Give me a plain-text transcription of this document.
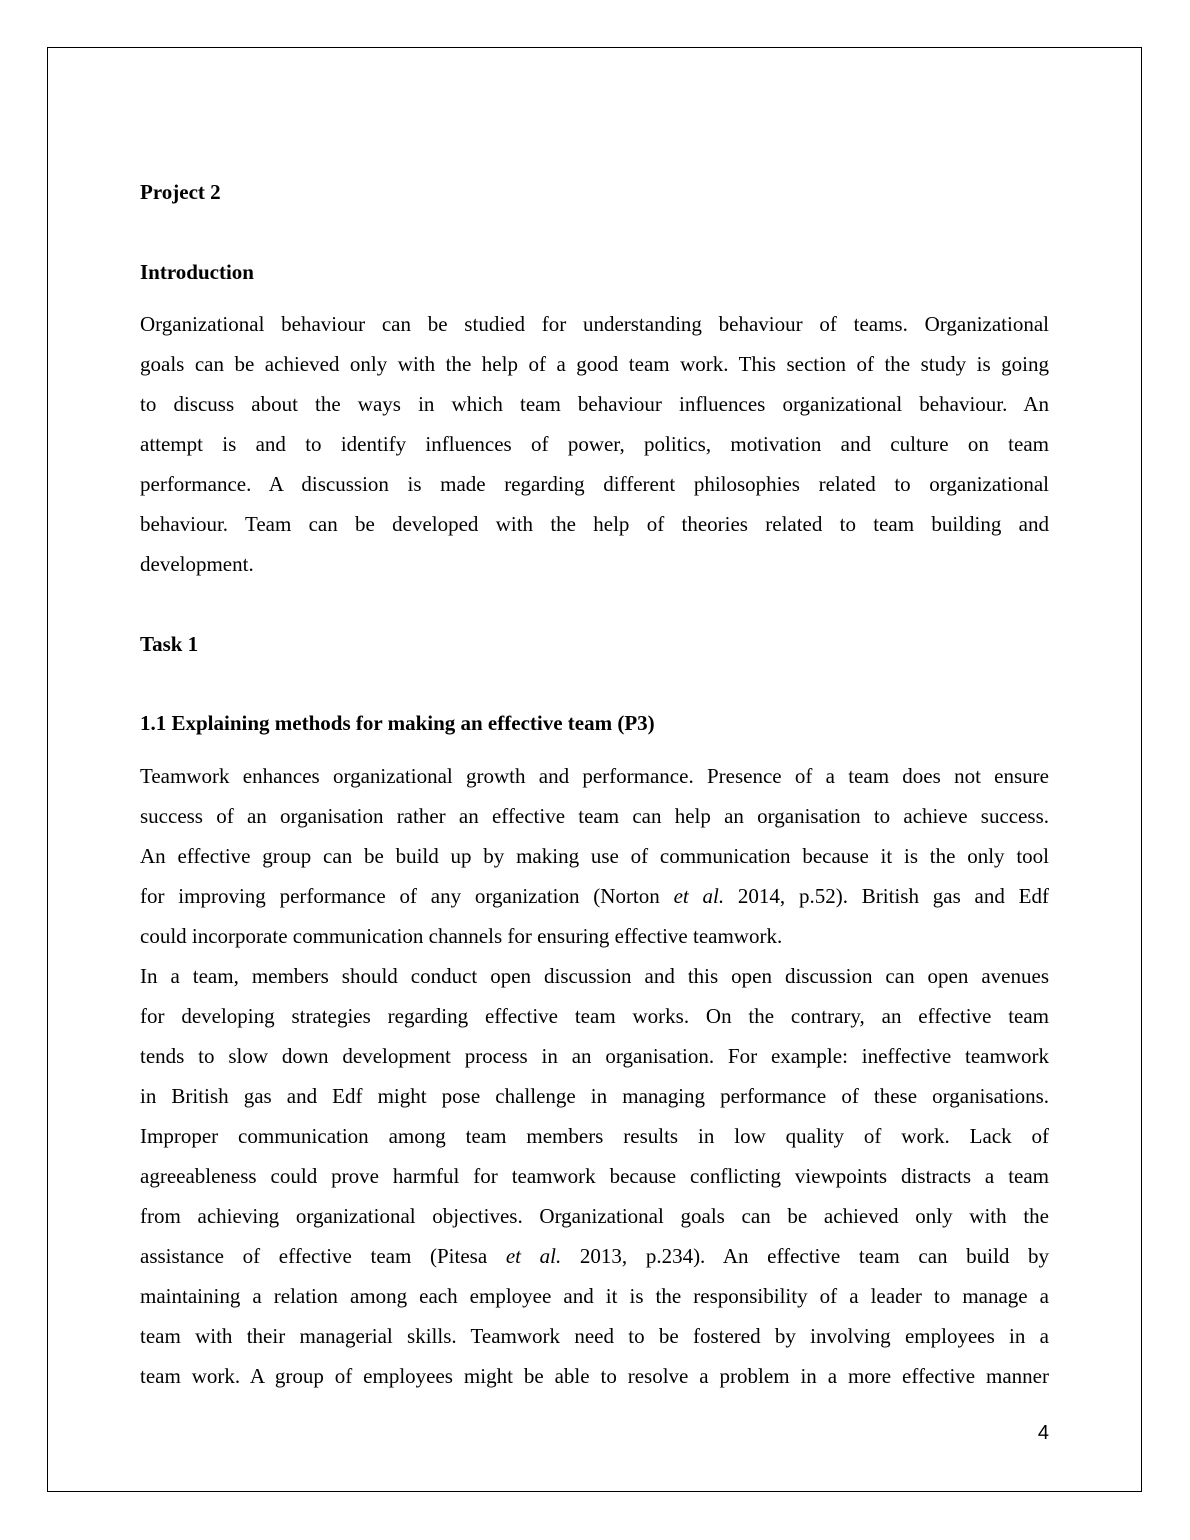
Project 2
Introduction
Organizational behaviour can be studied for understanding behaviour of teams. Organizational
goals can be achieved only with the help of a good team work. This section of the study is going
to discuss about the ways in which team behaviour influences organizational behaviour. An
attempt is and to identify influences of power, politics, motivation and culture on team
performance. A discussion is made regarding different philosophies related to organizational
behaviour. Team can be developed with the help of theories related to team building and
development.
Task 1
1.1 Explaining methods for making an effective team (P3)
Teamwork enhances organizational growth and performance. Presence of a team does not ensure
success of an organisation rather an effective team can help an organisation to achieve success.
An effective group can be build up by making use of communication because it is the only tool
for improving performance of any organization (Norton et al. 2014, p.52). British gas and Edf
could incorporate communication channels for ensuring effective teamwork.
In a team, members should conduct open discussion and this open discussion can open avenues
for developing strategies regarding effective team works. On the contrary, an effective team
tends to slow down development process in an organisation. For example: ineffective teamwork
in British gas and Edf might pose challenge in managing performance of these organisations.
Improper communication among team members results in low quality of work. Lack of
agreeableness could prove harmful for teamwork because conflicting viewpoints distracts a team
from achieving organizational objectives. Organizational goals can be achieved only with the
assistance of effective team (Pitesa et al. 2013, p.234). An effective team can build by
maintaining a relation among each employee and it is the responsibility of a leader to manage a
team with their managerial skills. Teamwork need to be fostered by involving employees in a
team work. A group of employees might be able to resolve a problem in a more effective manner
4
